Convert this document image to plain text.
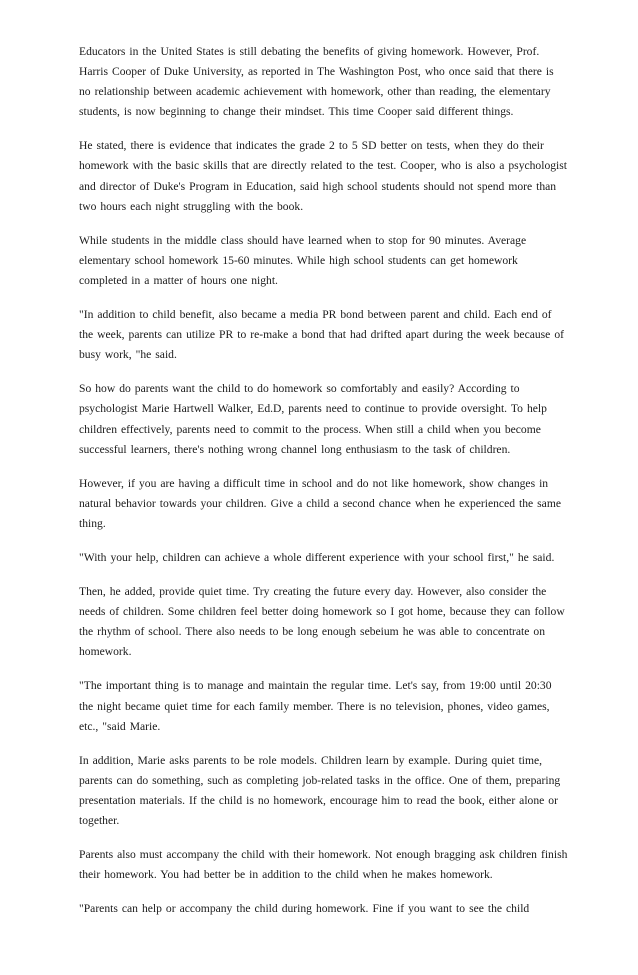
Educators in the United States is still debating the benefits of giving homework. However, Prof. Harris Cooper of Duke University, as reported in The Washington Post, who once said that there is no relationship between academic achievement with homework, other than reading, the elementary students, is now beginning to change their mindset. This time Cooper said different things.

He stated, there is evidence that indicates the grade 2 to 5 SD better on tests, when they do their homework with the basic skills that are directly related to the test. Cooper, who is also a psychologist and director of Duke's Program in Education, said high school students should not spend more than two hours each night struggling with the book.

While students in the middle class should have learned when to stop for 90 minutes. Average elementary school homework 15-60 minutes. While high school students can get homework completed in a matter of hours one night.

"In addition to child benefit, also became a media PR bond between parent and child. Each end of the week, parents can utilize PR to re-make a bond that had drifted apart during the week because of busy work, "he said.

So how do parents want the child to do homework so comfortably and easily? According to psychologist Marie Hartwell Walker, Ed.D, parents need to continue to provide oversight. To help children effectively, parents need to commit to the process. When still a child when you become successful learners, there's nothing wrong channel long enthusiasm to the task of children.

However, if you are having a difficult time in school and do not like homework, show changes in natural behavior towards your children. Give a child a second chance when he experienced the same thing.

"With your help, children can achieve a whole different experience with your school first," he said.

Then, he added, provide quiet time. Try creating the future every day. However, also consider the needs of children. Some children feel better doing homework so I got home, because they can follow the rhythm of school. There also needs to be long enough sebeium he was able to concentrate on homework.

"The important thing is to manage and maintain the regular time. Let's say, from 19:00 until 20:30 the night became quiet time for each family member. There is no television, phones, video games, etc., "said Marie.

In addition, Marie asks parents to be role models. Children learn by example. During quiet time, parents can do something, such as completing job-related tasks in the office. One of them, preparing presentation materials. If the child is no homework, encourage him to read the book, either alone or together.

Parents also must accompany the child with their homework. Not enough bragging ask children finish their homework. You had better be in addition to the child when he makes homework.

"Parents can help or accompany the child during homework. Fine if you want to see the child
